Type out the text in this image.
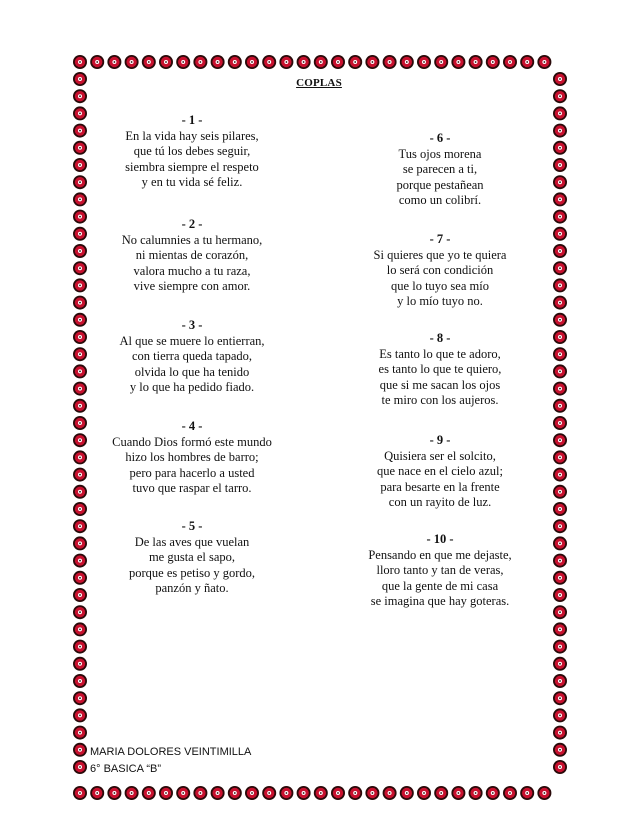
COPLAS
- 1 -
En la vida hay seis pilares,
que tú los debes seguir,
siembra siempre el respeto
y en tu vida sé feliz.
- 2 -
No calumnies a tu hermano,
ni mientas de corazón,
valora mucho a tu raza,
vive siempre con amor.
- 3 -
Al que se muere lo entierran,
con tierra queda tapado,
olvida lo que ha tenido
y lo que ha pedido fiado.
- 4 -
Cuando Dios formó este mundo
hizo los hombres de barro;
pero para hacerlo a usted
tuvo que raspar el tarro.
- 5 -
De las aves que vuelan
me gusta el sapo,
porque es petiso y gordo,
panzón y ñato.
- 6 -
Tus ojos morena
se parecen a ti,
porque pestañean
como un colibrí.
- 7 -
Si quieres que yo te quiera
lo será con condición
que lo tuyo sea mío
y lo mío tuyo no.
- 8 -
Es tanto lo que te adoro,
es tanto lo que te quiero,
que si me sacan los ojos
te miro con los aujeros.
- 9 -
Quisiera ser el solcito,
que nace en el cielo azul;
para besarte en la frente
con un rayito de luz.
- 10 -
Pensando en que me dejaste,
lloro tanto y tan de veras,
que la gente de mi casa
se imagina que hay goteras.
MARIA DOLORES VEINTIMILLA
6° BASICA “B”
